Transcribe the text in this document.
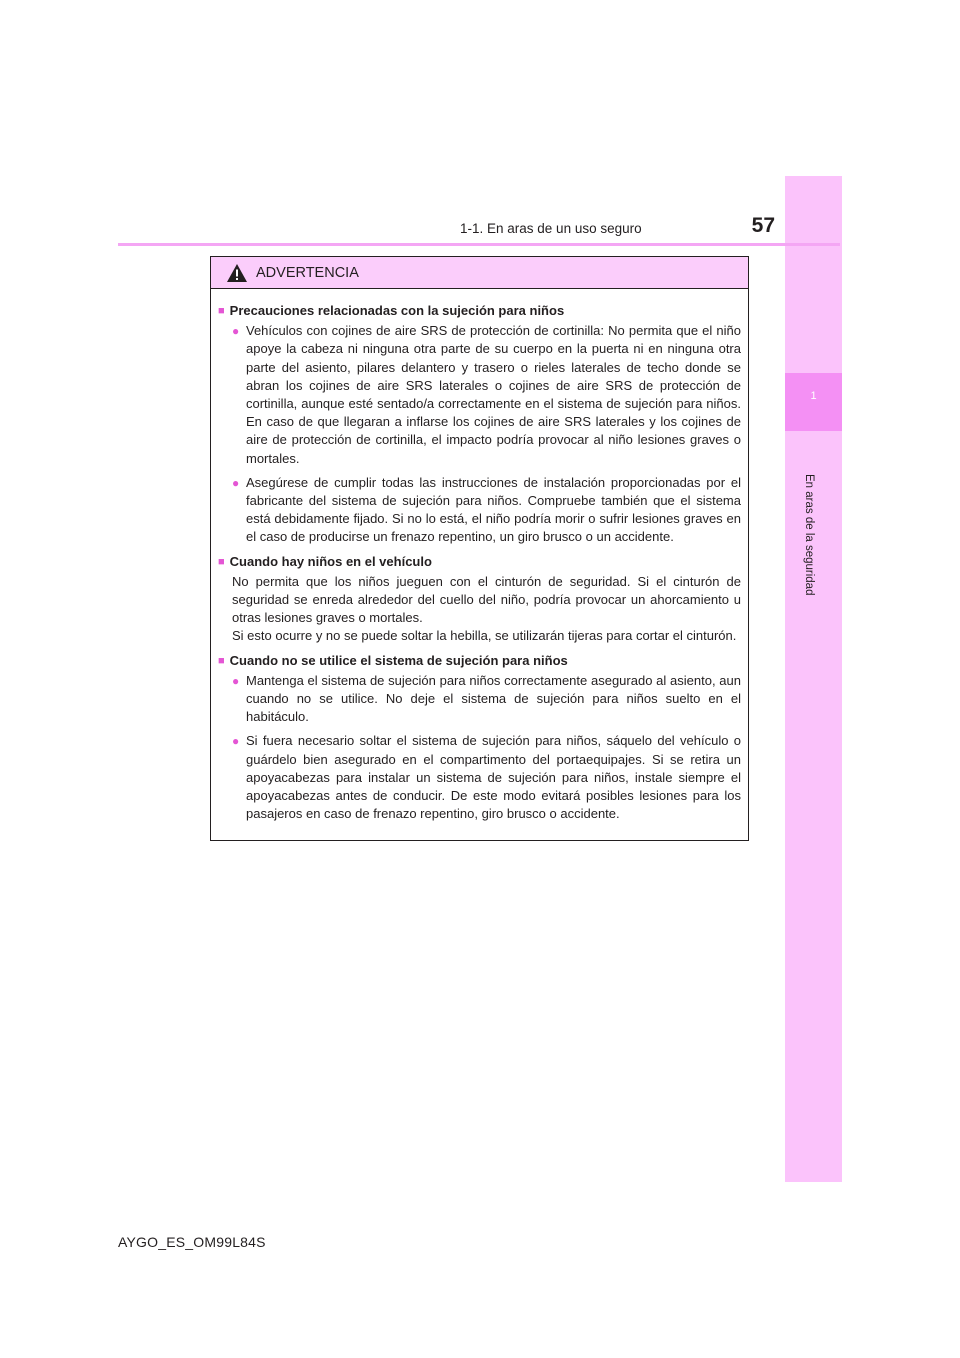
1
En aras de la seguridad
1-1. En aras de un uso seguro	57
ADVERTENCIA
■ Precauciones relacionadas con la sujeción para niños
● Vehículos con cojines de aire SRS de protección de cortinilla: No permita que el niño apoye la cabeza ni ninguna otra parte de su cuerpo en la puerta ni en ninguna otra parte del asiento, pilares delantero y trasero o rieles laterales de techo donde se abran los cojines de aire SRS laterales o cojines de aire SRS de protección de cortinilla, aunque esté sentado/a correctamente en el sistema de sujeción para niños. En caso de que llegaran a inflarse los cojines de aire SRS laterales y los cojines de aire de protección de cortinilla, el impacto podría provocar al niño lesiones graves o mortales.
● Asegúrese de cumplir todas las instrucciones de instalación proporcionadas por el fabricante del sistema de sujeción para niños. Compruebe también que el sistema está debidamente fijado. Si no lo está, el niño podría morir o sufrir lesiones graves en el caso de producirse un frenazo repentino, un giro brusco o un accidente.
■ Cuando hay niños en el vehículo
No permita que los niños jueguen con el cinturón de seguridad. Si el cinturón de seguridad se enreda alrededor del cuello del niño, podría provocar un ahorcamiento u otras lesiones graves o mortales.
Si esto ocurre y no se puede soltar la hebilla, se utilizarán tijeras para cortar el cinturón.
■ Cuando no se utilice el sistema de sujeción para niños
● Mantenga el sistema de sujeción para niños correctamente asegurado al asiento, aun cuando no se utilice. No deje el sistema de sujeción para niños suelto en el habitáculo.
● Si fuera necesario soltar el sistema de sujeción para niños, sáquelo del vehículo o guárdelo bien asegurado en el compartimento del portaequipajes. Si se retira un apoyacabezas para instalar un sistema de sujeción para niños, instale siempre el apoyacabezas antes de conducir. De este modo evitará posibles lesiones para los pasajeros en caso de frenazo repentino, giro brusco o accidente.
AYGO_ES_OM99L84S
